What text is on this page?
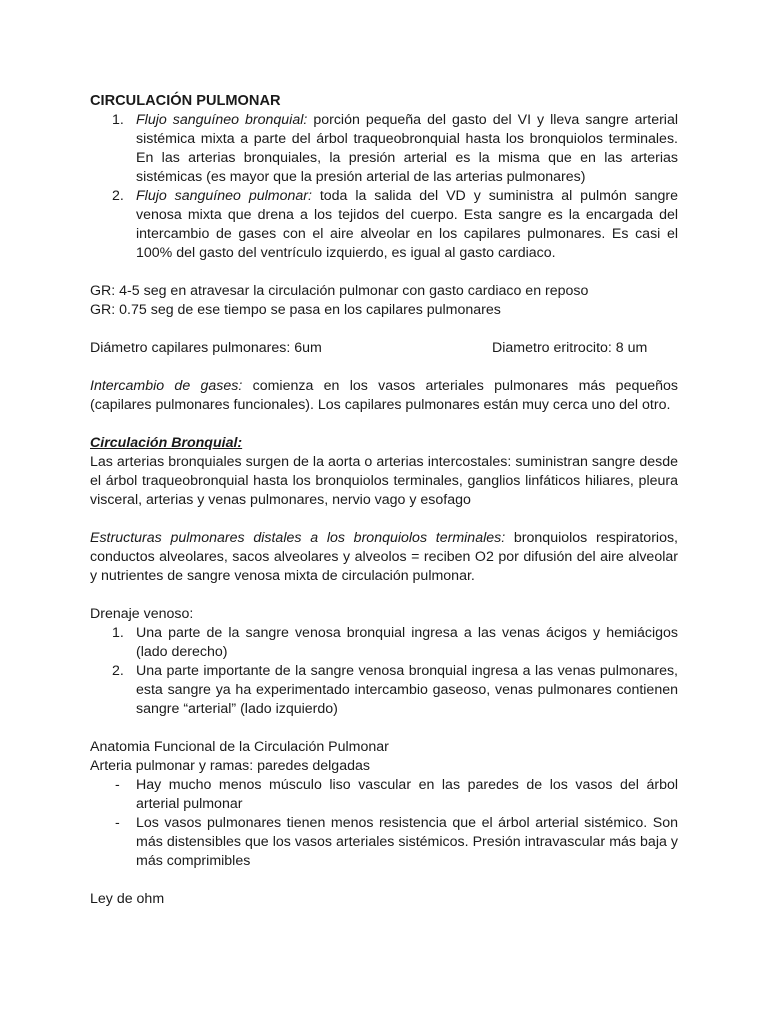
CIRCULACIÓN PULMONAR

1. Flujo sanguíneo bronquial: porción pequeña del gasto del VI y lleva sangre arterial sistémica mixta a parte del árbol traqueobronquial hasta los bronquiolos terminales. En las arterias bronquiales, la presión arterial es la misma que en las arterias sistémicas (es mayor que la presión arterial de las arterias pulmonares)
2. Flujo sanguíneo pulmonar: toda la salida del VD y suministra al pulmón sangre venosa mixta que drena a los tejidos del cuerpo. Esta sangre es la encargada del intercambio de gases con el aire alveolar en los capilares pulmonares. Es casi el 100% del gasto del ventrículo izquierdo, es igual al gasto cardiaco.

GR: 4-5 seg en atravesar la circulación pulmonar con gasto cardiaco en reposo

GR: 0.75 seg de ese tiempo se pasa en los capilares pulmonares

Diámetro capilares pulmonares: 6um	Diametro eritrocito: 8 um

Intercambio de gases: comienza en los vasos arteriales pulmonares más pequeños (capilares pulmonares funcionales). Los capilares pulmonares están muy cerca uno del otro.

Circulación Bronquial:

Las arterias bronquiales surgen de la aorta o arterias intercostales: suministran sangre desde el árbol traqueobronquial hasta los bronquiolos terminales, ganglios linfáticos hiliares, pleura visceral, arterias y venas pulmonares, nervio vago y esofago

Estructuras pulmonares distales a los bronquiolos terminales: bronquiolos respiratorios, conductos alveolares, sacos alveolares y alveolos = reciben O2 por difusión del aire alveolar y nutrientes de sangre venosa mixta de circulación pulmonar.

Drenaje venoso:

1. Una parte de la sangre venosa bronquial ingresa a las venas ácigos y hemiácigos (lado derecho)
2. Una parte importante de la sangre venosa bronquial ingresa a las venas pulmonares, esta sangre ya ha experimentado intercambio gaseoso, venas pulmonares contienen sangre “arterial” (lado izquierdo)

Anatomia Funcional de la Circulación Pulmonar

Arteria pulmonar y ramas: paredes delgadas

- Hay mucho menos músculo liso vascular en las paredes de los vasos del árbol arterial pulmonar
- Los vasos pulmonares tienen menos resistencia que el árbol arterial sistémico. Son más distensibles que los vasos arteriales sistémicos. Presión intravascular más baja y más comprimibles

Ley de ohm
